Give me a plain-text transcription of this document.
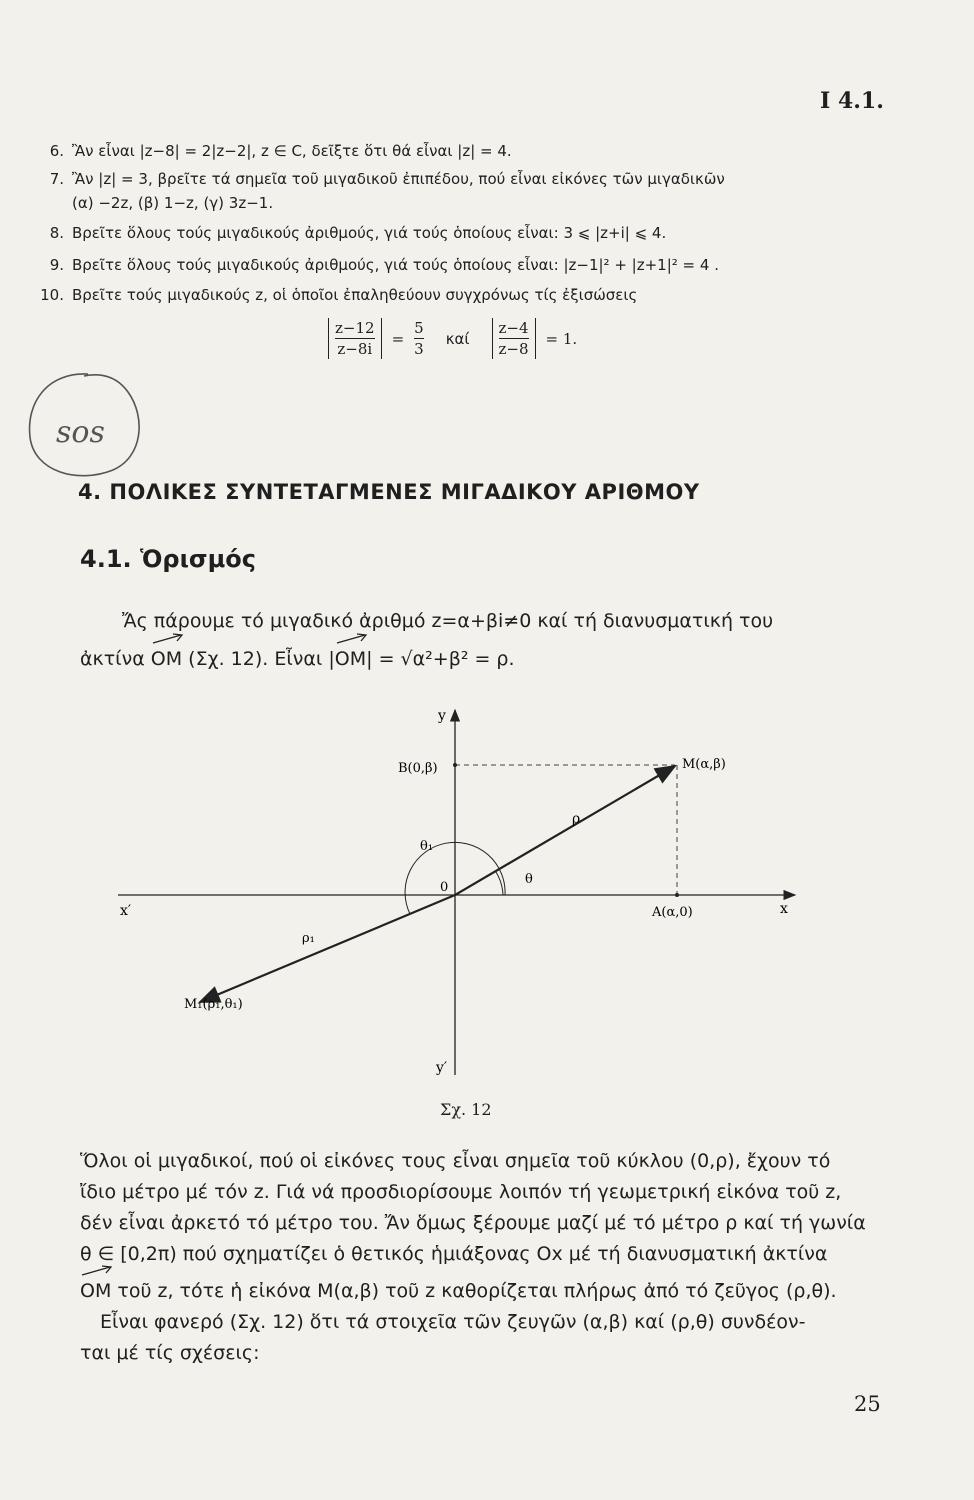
I 4.1.
6. Ἂν εἶναι |z−8| = 2|z−2|, z ∈ C, δεῖξτε ὅτι θά εἶναι |z| = 4.
7. Ἂν |z| = 3, βρεῖτε τά σημεῖα τοῦ μιγαδικοῦ ἐπιπέδου, πού εἶναι εἰκόνες τῶν μιγαδικῶν
(α) −2z, (β) 1−z, (γ) 3z−1.
8. Βρεῖτε ὅλους τούς μιγαδικούς ἀριθμούς, γιά τούς ὁποίους εἶναι: 3 ⩽ |z+i| ⩽ 4.
9. Βρεῖτε ὅλους τούς μιγαδικούς ἀριθμούς, γιά τούς ὁποίους εἶναι: |z−1|² + |z+1|² = 4 .
10. Βρεῖτε τούς μιγαδικούς z, οἱ ὁποῖοι ἐπαληθεύουν συγχρόνως τίς ἐξισώσεις
$\frac{z-12}{z-8i} = \frac{5}{3}$ καί $\frac{z-4}{z-8} = 1$.
sos
4. ΠΟΛΙΚΕΣ ΣΥΝΤΕΤΑΓΜΕΝΕΣ ΜΙΓΑΔΙΚΟΥ ΑΡΙΘΜΟΥ
4.1. Ὁρισμός
Ἄς πάρουμε τό μιγαδικό ἀριθμό z=α+βi≠0 καί τή διανυσματική του
ἀκτίνα
OM (Σχ. 12). Εἶναι |
OM| = √α²+β² = ρ.
y
y′
x
x′
B(0,β)	M(α,β)
A(α,0)
0
ρ
θ
θ₁
ρ₁
M₁(ρ₁,θ₁)
Σχ. 12
Ὅλοι οἱ μιγαδικοί, πού οἱ εἰκόνες τους εἶναι σημεῖα τοῦ κύκλου (0,ρ), ἔχουν τό
ἴδιο μέτρο μέ τόν z. Γιά νά προσδιορίσουμε λοιπόν τή γεωμετρική εἰκόνα τοῦ z,
δέν εἶναι ἀρκετό τό μέτρο του. Ἄν ὅμως ξέρουμε μαζί μέ τό μέτρο ρ καί τή γωνία
θ ∈ [0,2π) πού σχηματίζει ὁ θετικός ἡμιάξονας Ox μέ τή διανυσματική ἀκτίνα
OM τοῦ z, τότε ἡ εἰκόνα M(α,β) τοῦ z καθορίζεται πλήρως ἀπό τό ζεῦγος (ρ,θ).
Εἶναι φανερό (Σχ. 12) ὅτι τά στοιχεῖα τῶν ζευγῶν (α,β) καί (ρ,θ) συνδέον-
ται μέ τίς σχέσεις:
25
